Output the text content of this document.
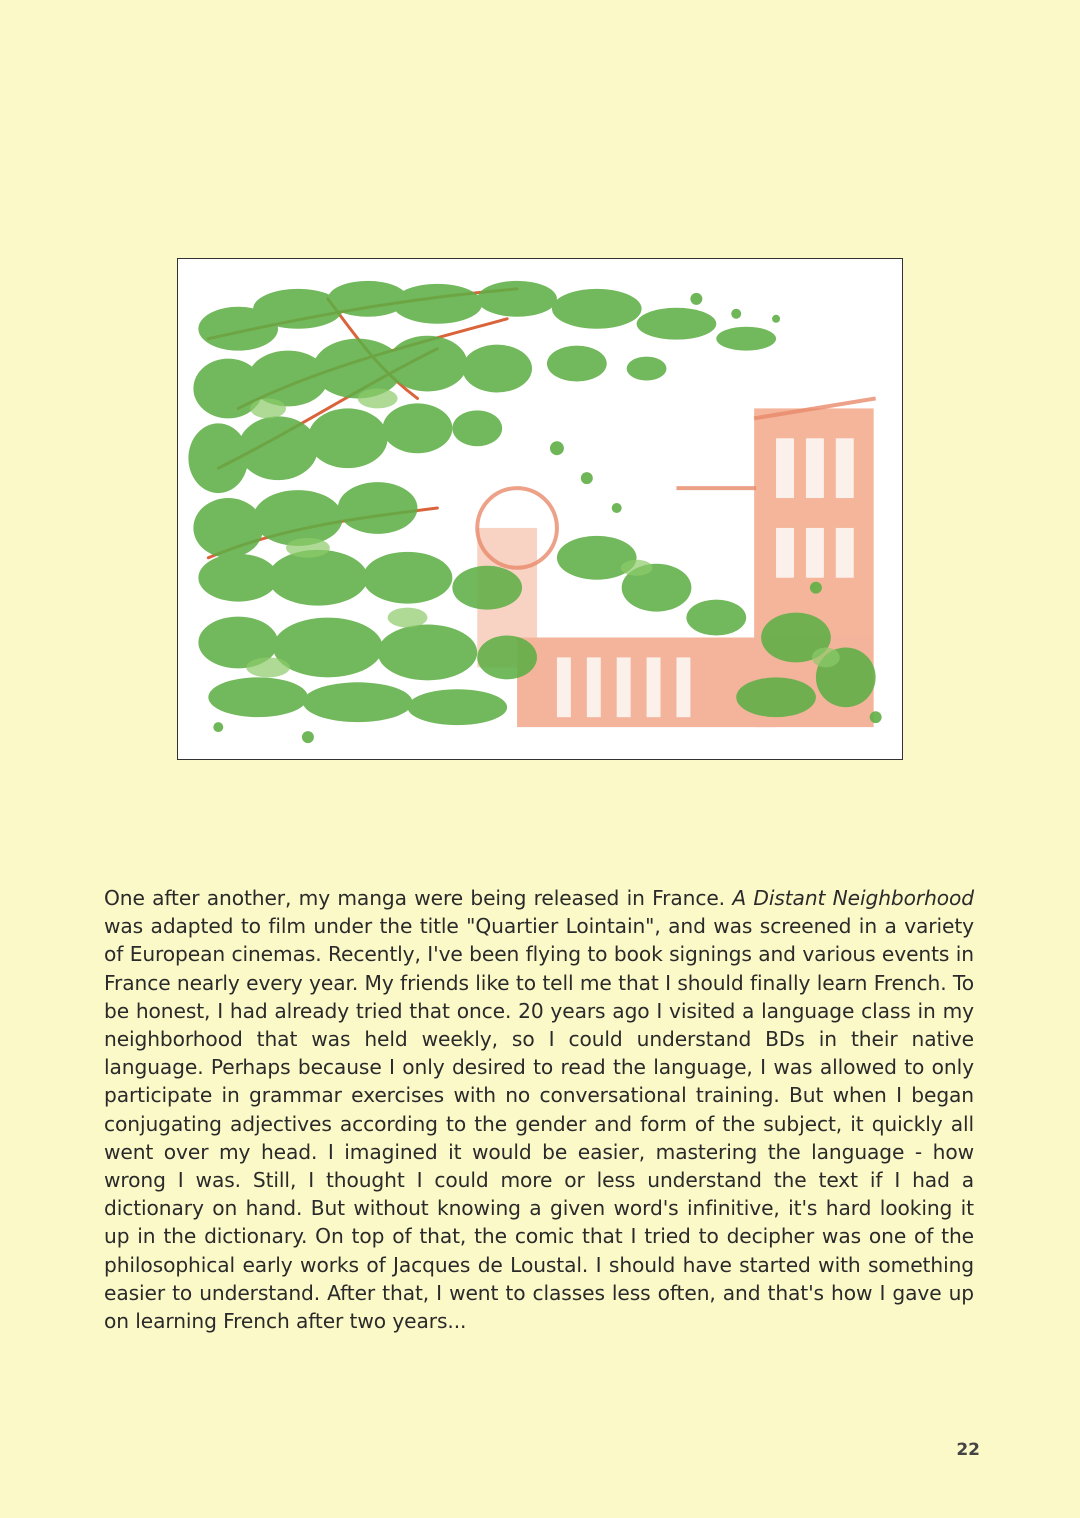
One after another, my manga were being released in France. A Distant Neighborhood was adapted to film under the title "Quartier Lointain", and was screened in a variety of European cinemas. Recently, I've been flying to book signings and various events in France nearly every year. My friends like to tell me that I should finally learn French. To be honest, I had already tried that once. 20 years ago I visited a language class in my neighborhood that was held weekly, so I could understand BDs in their native language. Perhaps because I only desired to read the language, I was allowed to only participate in grammar exercises with no conversational training. But when I began conjugating adjectives according to the gender and form of the subject, it quickly all went over my head. I imagined it would be easier, mastering the language - how wrong I was. Still, I thought I could more or less understand the text if I had a dictionary on hand. But without knowing a given word's infinitive, it's hard looking it up in the dictionary. On top of that, the comic that I tried to decipher was one of the philosophical early works of Jacques de Loustal. I should have started with something easier to understand. After that, I went to classes less often, and that's how I gave up on learning French after two years...

22
